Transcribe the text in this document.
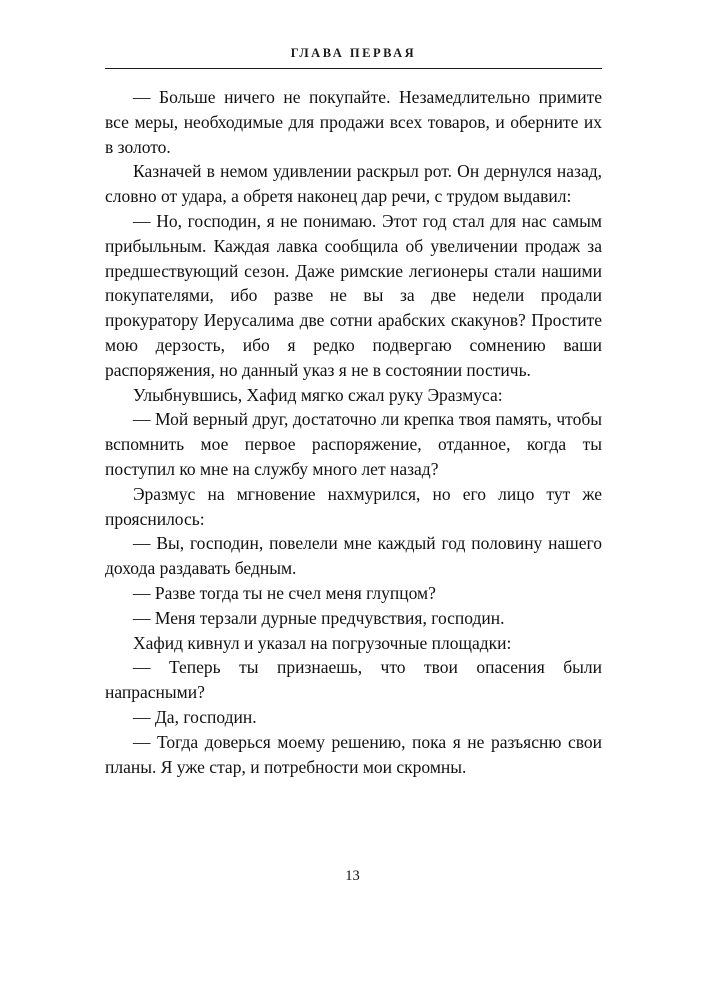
ГЛАВА ПЕРВАЯ

— Больше ничего не покупайте. Незамедлительно примите все меры, необходимые для продажи всех товаров, и оберните их в золото.

Казначей в немом удивлении раскрыл рот. Он дернулся назад, словно от удара, а обретя наконец дар речи, с трудом выдавил:

— Но, господин, я не понимаю. Этот год стал для нас самым прибыльным. Каждая лавка сообщила об увеличении продаж за предшествующий сезон. Даже римские легионеры стали нашими покупателями, ибо разве не вы за две недели продали прокуратору Иерусалима две сотни арабских скакунов? Простите мою дерзость, ибо я редко подвергаю сомнению ваши распоряжения, но данный указ я не в состоянии постичь.

Улыбнувшись, Хафид мягко сжал руку Эразмуса:

— Мой верный друг, достаточно ли крепка твоя память, чтобы вспомнить мое первое распоряжение, отданное, когда ты поступил ко мне на службу много лет назад?

Эразмус на мгновение нахмурился, но его лицо тут же прояснилось:

— Вы, господин, повелели мне каждый год половину нашего дохода раздавать бедным.

— Разве тогда ты не счел меня глупцом?

— Меня терзали дурные предчувствия, господин.

Хафид кивнул и указал на погрузочные площадки:

— Теперь ты признаешь, что твои опасения были напрасными?

— Да, господин.

— Тогда доверься моему решению, пока я не разъясню свои планы. Я уже стар, и потребности мои скромны.

13
